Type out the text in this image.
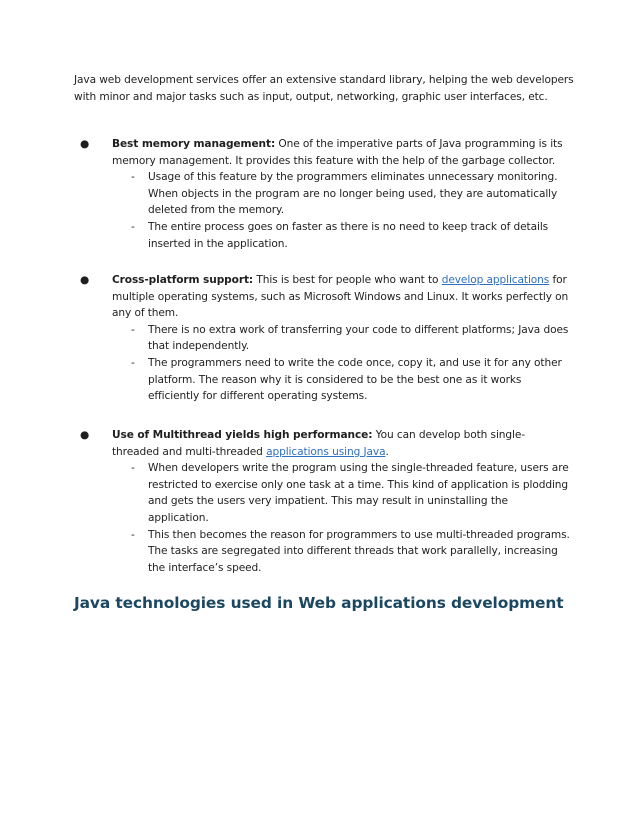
Java web development services offer an extensive standard library, helping the web developers with minor and major tasks such as input, output, networking, graphic user interfaces, etc.

●	Best memory management: One of the imperative parts of Java programming is its memory management. It provides this feature with the help of the garbage collector.
- Usage of this feature by the programmers eliminates unnecessary monitoring. When objects in the program are no longer being used, they are automatically deleted from the memory.
- The entire process goes on faster as there is no need to keep track of details inserted in the application.
●	Cross-platform support: This is best for people who want to develop applications for multiple operating systems, such as Microsoft Windows and Linux. It works perfectly on any of them.
- There is no extra work of transferring your code to different platforms; Java does that independently.
- The programmers need to write the code once, copy it, and use it for any other platform. The reason why it is considered to be the best one as it works efficiently for different operating systems.
●	Use of Multithread yields high performance: You can develop both single-threaded and multi-threaded applications using Java.
- When developers write the program using the single-threaded feature, users are restricted to exercise only one task at a time. This kind of application is plodding and gets the users very impatient. This may result in uninstalling the application.
- This then becomes the reason for programmers to use multi-threaded programs. The tasks are segregated into different threads that work parallelly, increasing the interface’s speed.
Java technologies used in Web applications development
